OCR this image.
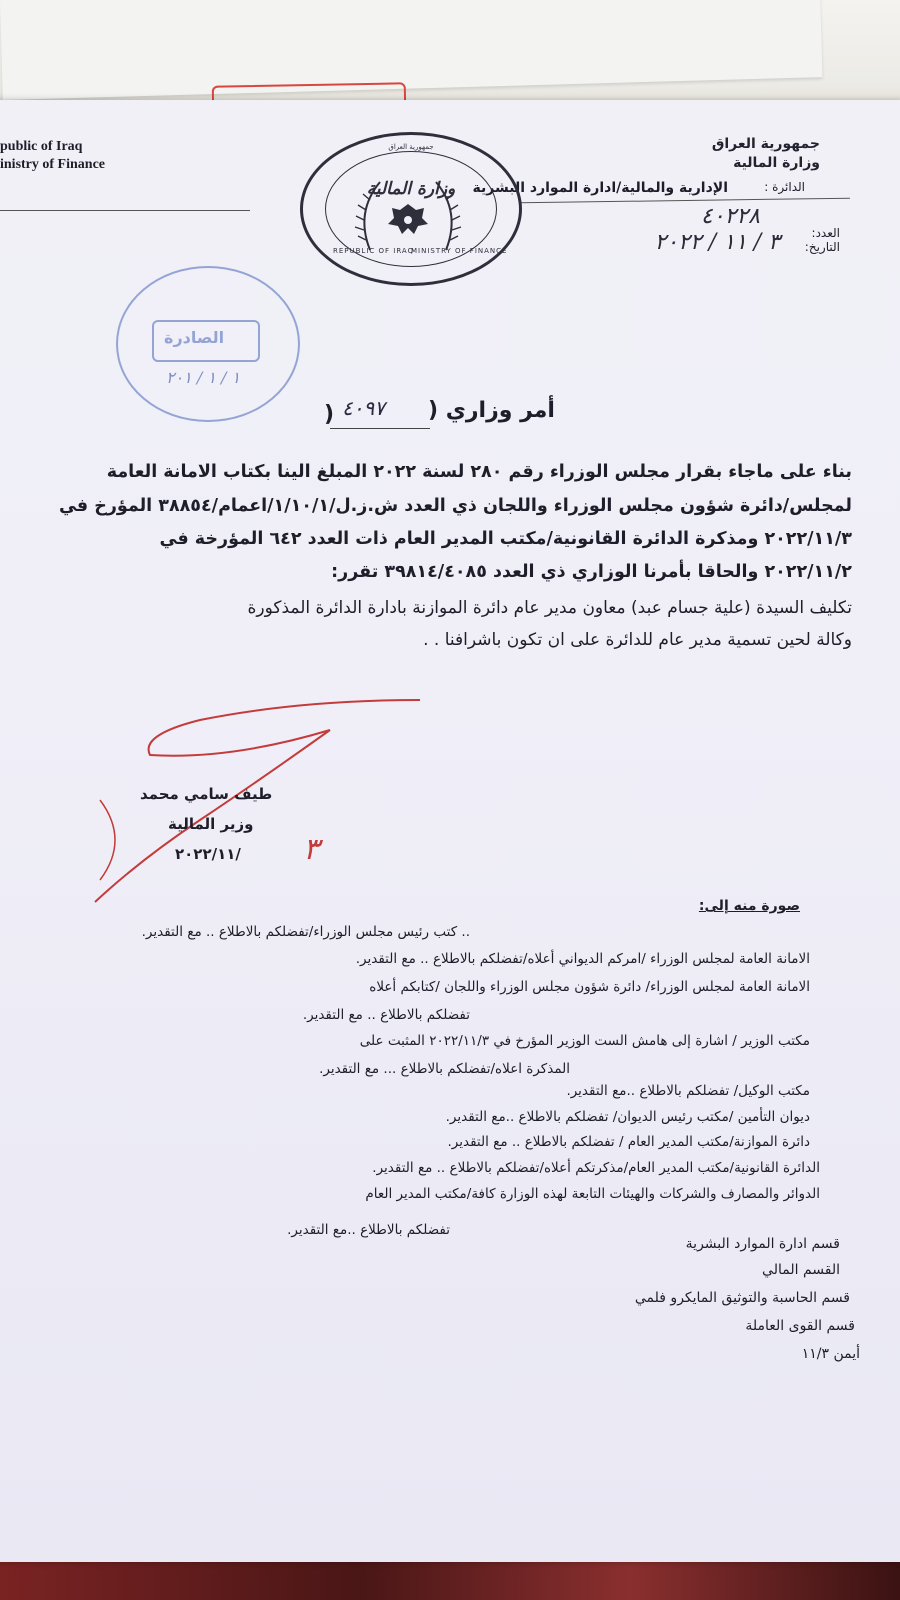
public of Iraq
inistry of Finance
جمهورية العراق
وزارة المالية
الدائرة :
الإدارية والمالية/ادارة الموارد البشرية
العدد:
٤٠٢٢٨
التاريخ:
٣ / ١١ / ٢٠٢٢
وزارة المالية
جمهورية العراق
REPUBLIC OF IRAQ
MINISTRY OF FINANCE
الصادرة
١ / ١ / ٢٠١
أمر وزاري (
٤٠٩٧
)
بناء على ماجاء بقرار مجلس الوزراء رقم ٢٨٠ لسنة ٢٠٢٢ المبلغ الينا بكتاب الامانة العامة
لمجلس/دائرة شؤون مجلس الوزراء واللجان ذي العدد ش.ز.ل/١/١٠/١/اعمام/٣٨٨٥٤ المؤرخ في
٢٠٢٢/١١/٣ ومذكرة الدائرة القانونية/مكتب المدير العام ذات العدد ٦٤٢ المؤرخة في
٢٠٢٢/١١/٢ والحاقا بأمرنا الوزاري ذي العدد ٣٩٨١٤/٤٠٨٥ تقرر:
تكليف السيدة (علية جسام عبد) معاون مدير عام دائرة الموازنة بادارة الدائرة المذكورة
وكالة لحين تسمية مدير عام للدائرة على ان تكون باشرافنا . .
طيف سامي محمد
وزير المالية
٢٠٢٢/١١/ ٣
صورة منه إلى:
.. كتب رئيس مجلس الوزراء/تفضلكم بالاطلاع .. مع التقدير.
الامانة العامة لمجلس الوزراء /امركم الديواني أعلاه/تفضلكم بالاطلاع .. مع التقدير.
الامانة العامة لمجلس الوزراء/ دائرة شؤون مجلس الوزراء واللجان /كتابكم أعلاه
تفضلكم بالاطلاع .. مع التقدير.
مكتب الوزير / اشارة إلى هامش الست الوزير المؤرخ في ٢٠٢٢/١١/٣ المثبت على
المذكرة اعلاه/تفضلكم بالاطلاع ... مع التقدير.
مكتب الوكيل/ تفضلكم بالاطلاع ..مع التقدير.
ديوان التأمين /مكتب رئيس الديوان/ تفضلكم بالاطلاع ..مع التقدير.
دائرة الموازنة/مكتب المدير العام / تفضلكم بالاطلاع .. مع التقدير.
الدائرة القانونية/مكتب المدير العام/مذكرتكم أعلاه/تفضلكم بالاطلاع .. مع التقدير.
الدوائر والمصارف والشركات والهيئات التابعة لهذه الوزارة كافة/مكتب المدير العام
تفضلكم بالاطلاع ..مع التقدير.
قسم ادارة الموارد البشرية
القسم المالي
قسم الحاسبة والتوثيق المايكرو فلمي
قسم القوى العاملة
أيمن ١١/٣
